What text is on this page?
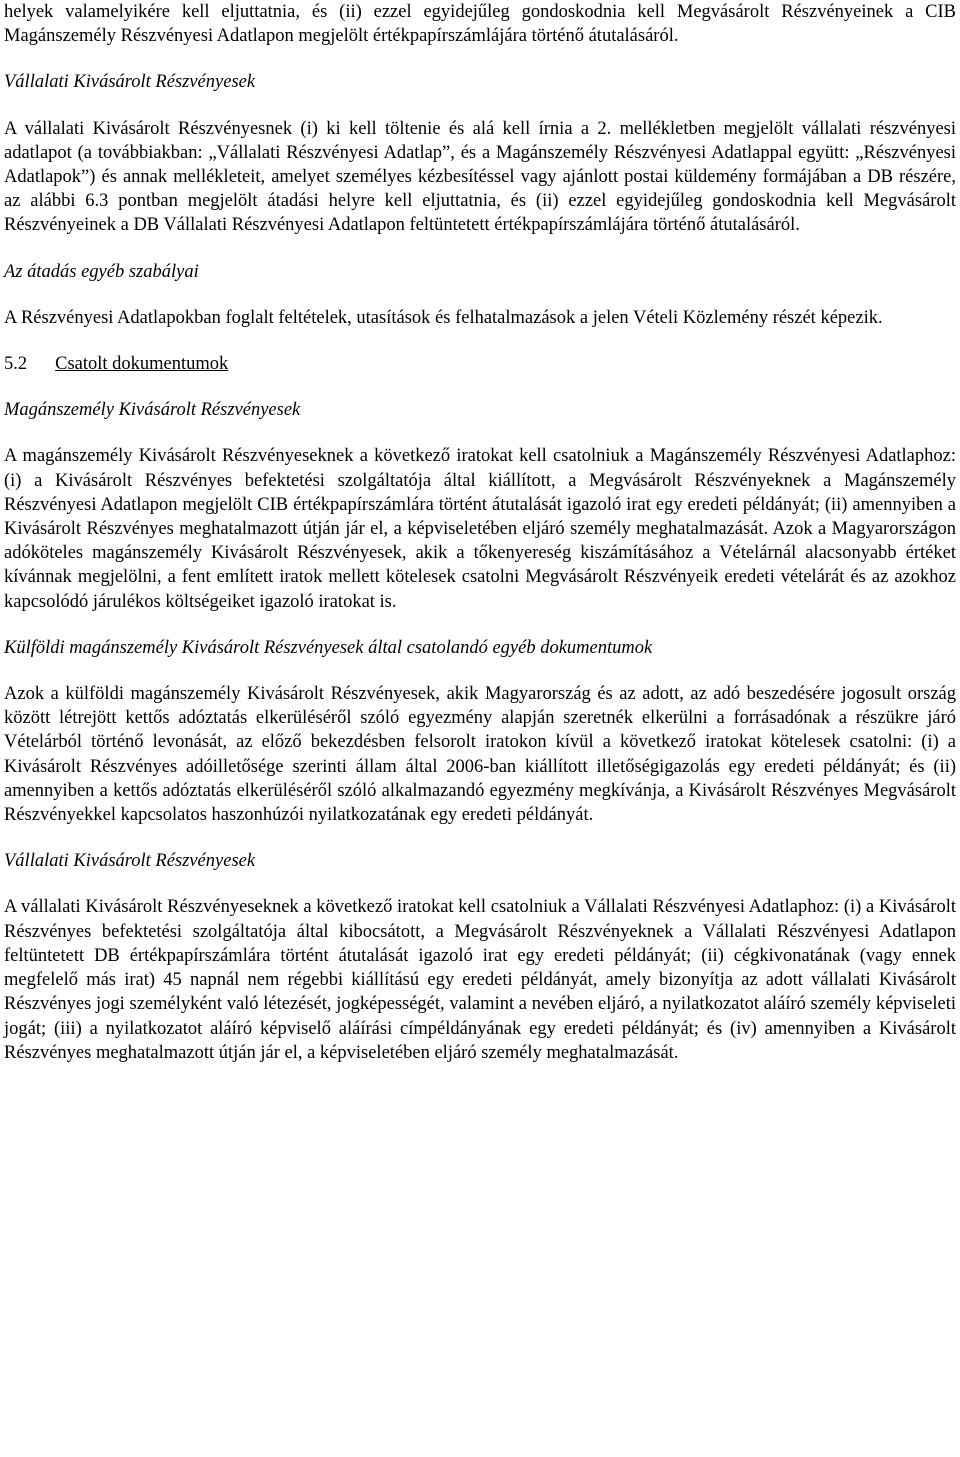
helyek valamelyikére kell eljuttatnia, és (ii) ezzel egyidejűleg gondoskodnia kell Megvásárolt Részvényeinek a CIB Magánszemély Részvényesi Adatlapon megjelölt értékpapírszámlájára történő átutalásáról.

Vállalati Kivásárolt Részvényesek

A vállalati Kivásárolt Részvényesnek (i) ki kell töltenie és alá kell írnia a 2. mellékletben megjelölt vállalati részvényesi adatlapot (a továbbiakban: „Vállalati Részvényesi Adatlap”, és a Magánszemély Részvényesi Adatlappal együtt: „Részvényesi Adatlapok”) és annak mellékleteit, amelyet személyes kézbesítéssel vagy ajánlott postai küldemény formájában a DB részére, az alábbi 6.3 pontban megjelölt átadási helyre kell eljuttatnia, és (ii) ezzel egyidejűleg gondoskodnia kell Megvásárolt Részvényeinek a DB Vállalati Részvényesi Adatlapon feltüntetett értékpapírszámlájára történő átutalásáról.

Az átadás egyéb szabályai

A Részvényesi Adatlapokban foglalt feltételek, utasítások és felhatalmazások a jelen Vételi Közlemény részét képezik.

5.2 Csatolt dokumentumok

Magánszemély Kivásárolt Részvényesek

A magánszemély Kivásárolt Részvényeseknek a következő iratokat kell csatolniuk a Magánszemély Részvényesi Adatlaphoz: (i) a Kivásárolt Részvényes befektetési szolgáltatója által kiállított, a Megvásárolt Részvényeknek a Magánszemély Részvényesi Adatlapon megjelölt CIB értékpapírszámlára történt átutalását igazoló irat egy eredeti példányát; (ii) amennyiben a Kivásárolt Részvényes meghatalmazott útján jár el, a képviseletében eljáró személy meghatalmazását. Azok a Magyarországon adóköteles magánszemély Kivásárolt Részvényesek, akik a tőkenyereség kiszámításához a Vételárnál alacsonyabb értéket kívánnak megjelölni, a fent említett iratok mellett kötelesek csatolni Megvásárolt Részvényeik eredeti vételárát és az azokhoz kapcsolódó járulékos költségeiket igazoló iratokat is.

Külföldi magánszemély Kivásárolt Részvényesek által csatolandó egyéb dokumentumok

Azok a külföldi magánszemély Kivásárolt Részvényesek, akik Magyarország és az adott, az adó beszedésére jogosult ország között létrejött kettős adóztatás elkerüléséről szóló egyezmény alapján szeretnék elkerülni a forrásadónak a részükre járó Vételárból történő levonását, az előző bekezdésben felsorolt iratokon kívül a következő iratokat kötelesek csatolni: (i) a Kivásárolt Részvényes adóilletősége szerinti állam által 2006-ban kiállított illetőségigazolás egy eredeti példányát; és (ii) amennyiben a kettős adóztatás elkerüléséről szóló alkalmazandó egyezmény megkívánja, a Kivásárolt Részvényes Megvásárolt Részvényekkel kapcsolatos haszonhúzói nyilatkozatának egy eredeti példányát.

Vállalati Kivásárolt Részvényesek

A vállalati Kivásárolt Részvényeseknek a következő iratokat kell csatolniuk a Vállalati Részvényesi Adatlaphoz: (i) a Kivásárolt Részvényes befektetési szolgáltatója által kibocsátott, a Megvásárolt Részvényeknek a Vállalati Részvényesi Adatlapon feltüntetett DB értékpapírszámlára történt átutalását igazoló irat egy eredeti példányát; (ii) cégkivonatának (vagy ennek megfelelő más irat) 45 napnál nem régebbi kiállítású egy eredeti példányát, amely bizonyítja az adott vállalati Kivásárolt Részvényes jogi személyként való létezését, jogképességét, valamint a nevében eljáró, a nyilatkozatot aláíró személy képviseleti jogát; (iii) a nyilatkozatot aláíró képviselő aláírási címpéldányának egy eredeti példányát; és (iv) amennyiben a Kivásárolt Részvényes meghatalmazott útján jár el, a képviseletében eljáró személy meghatalmazását.
